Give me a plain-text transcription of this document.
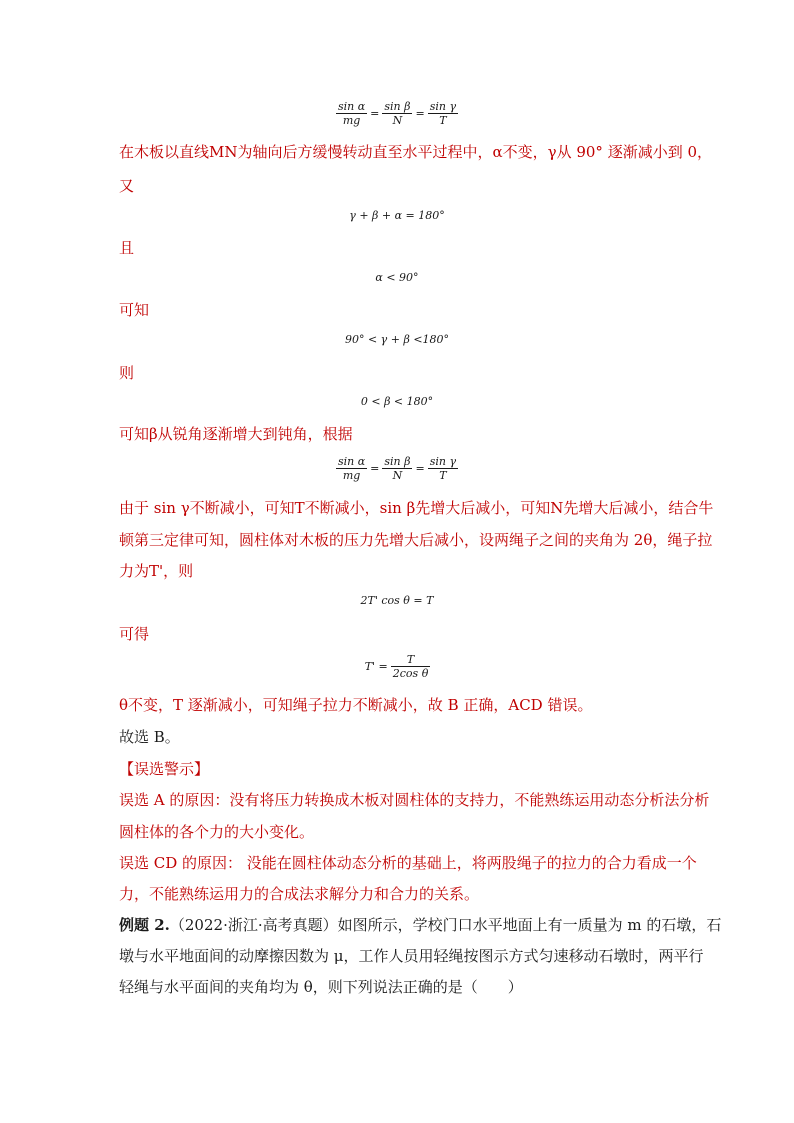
$\frac{\text{sin α}}{mg} = \frac{\text{sin β}}{N} = \frac{\text{sin γ}}{T}$
在木板以直线MN为轴向后方缓慢转动直至水平过程中，α不变，γ从 90° 逐渐减小到 0，
又
γ + β + α = 180°
且
α < 90°
可知
90° < γ + β <180°
则
0 < β < 180°
可知β从锐角逐渐增大到钝角，根据
$\frac{\text{sin α}}{mg} = \frac{\text{sin β}}{N} = \frac{\text{sin γ}}{T}$
由于 sin γ不断减小，可知T不断减小，sin β先增大后减小，可知N先增大后减小，结合牛
顿第三定律可知，圆柱体对木板的压力先增大后减小，设两绳子之间的夹角为 2θ，绳子拉
力为T'，则
2T' cos θ = T
可得
$T' = \frac{T}{\text{2cos θ}}$
θ不变，T 逐渐减小，可知绳子拉力不断减小，故 B 正确，ACD 错误。
故选 B。
【误选警示】
误选 A 的原因：没有将压力转换成木板对圆柱体的支持力，不能熟练运用动态分析法分析
圆柱体的各个力的大小变化。
误选 CD 的原因： 没能在圆柱体动态分析的基础上，将两股绳子的拉力的合力看成一个
力，不能熟练运用力的合成法求解分力和合力的关系。
例题 2.（2022·浙江·高考真题）如图所示，学校门口水平地面上有一质量为 m 的石墩，石
墩与水平地面间的动摩擦因数为 μ，工作人员用轻绳按图示方式匀速移动石墩时，两平行
轻绳与水平面间的夹角均为 θ，则下列说法正确的是（　　）
